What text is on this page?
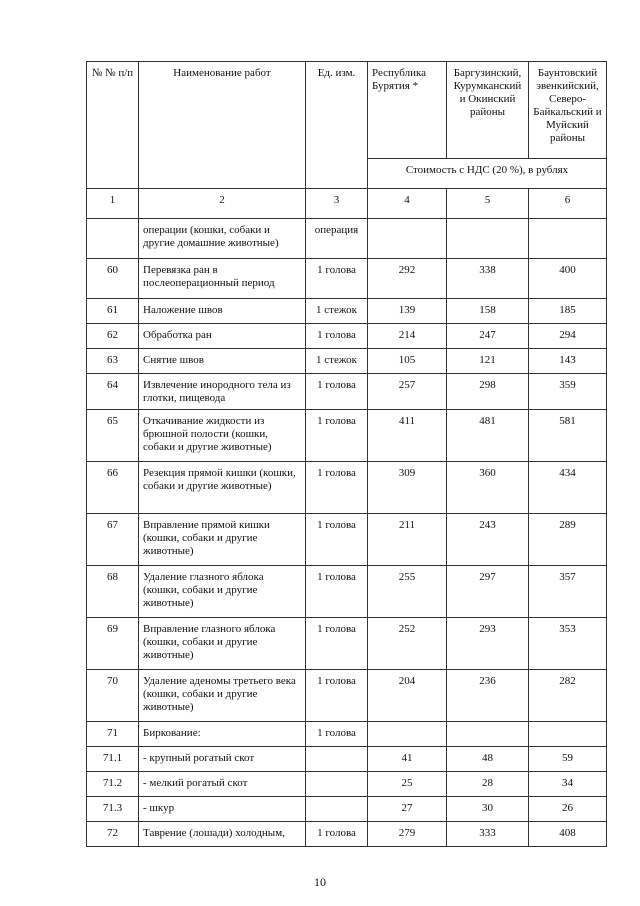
№ № п/п	Наименование работ	Ед. изм.	Республика Бурятия *	Баргузинский, Курумканский и Окинский районы	Баунтовский эвенкийский, Северо-Байкальский и Муйский районы
			Стоимость с НДС (20 %), в рублях		
1	2	3	4	5	6
	операции (кошки, собаки и другие домашние животные)	операция			
60	Перевязка ран в послеоперационный период	1 голова	292	338	400
61	Наложение швов	1 стежок	139	158	185
62	Обработка ран	1 голова	214	247	294
63	Снятие швов	1 стежок	105	121	143
64	Извлечение инородного тела из глотки, пищевода	1 голова	257	298	359
65	Откачивание жидкости из брюшной полости (кошки, собаки и другие животные)	1 голова	411	481	581
66	Резекция прямой кишки (кошки, собаки и другие животные)	1 голова	309	360	434
67	Вправление прямой кишки (кошки, собаки и другие животные)	1 голова	211	243	289
68	Удаление глазного яблока (кошки, собаки и другие животные)	1 голова	255	297	357
69	Вправление глазного яблока (кошки, собаки и другие животные)	1 голова	252	293	353
70	Удаление аденомы третьего века (кошки, собаки и другие животные)	1 голова	204	236	282
71	Биркование:	1 голова			
71.1	- крупный рогатый скот		41	48	59
71.2	- мелкий рогатый скот		25	28	34
71.3	- шкур		27	30	26
72	Таврение (лошади) холодным,	1 голова	279	333	408
10
